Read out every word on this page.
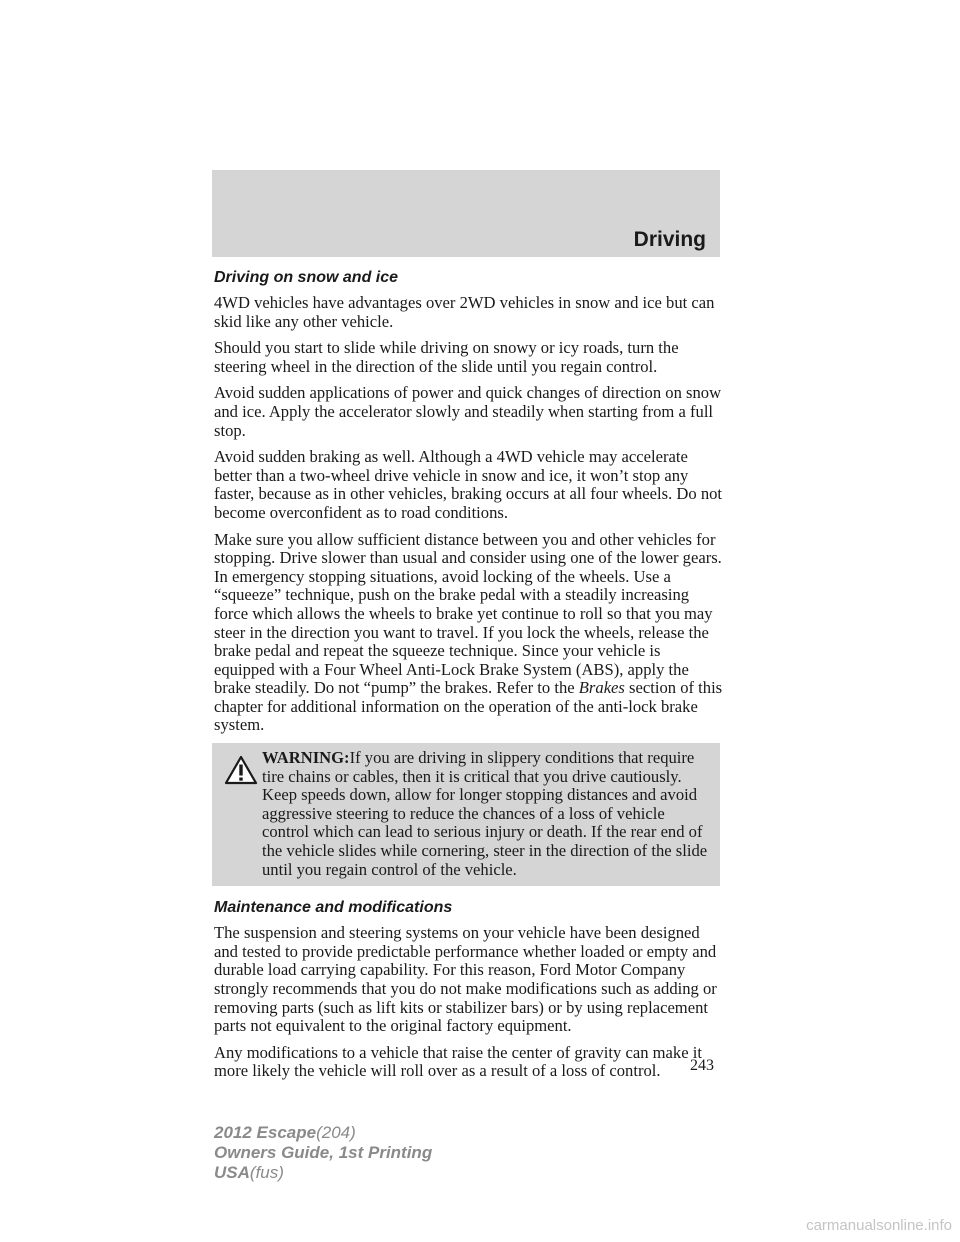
Driving
Driving on snow and ice

4WD vehicles have advantages over 2WD vehicles in snow and ice but can skid like any other vehicle.

Should you start to slide while driving on snowy or icy roads, turn the steering wheel in the direction of the slide until you regain control.

Avoid sudden applications of power and quick changes of direction on snow and ice. Apply the accelerator slowly and steadily when starting from a full stop.

Avoid sudden braking as well. Although a 4WD vehicle may accelerate better than a two-wheel drive vehicle in snow and ice, it won’t stop any faster, because as in other vehicles, braking occurs at all four wheels. Do not become overconfident as to road conditions.

Make sure you allow sufficient distance between you and other vehicles for stopping. Drive slower than usual and consider using one of the lower gears. In emergency stopping situations, avoid locking of the wheels. Use a “squeeze” technique, push on the brake pedal with a steadily increasing force which allows the wheels to brake yet continue to roll so that you may steer in the direction you want to travel. If you lock the wheels, release the brake pedal and repeat the squeeze technique. Since your vehicle is equipped with a Four Wheel Anti-Lock Brake System (ABS), apply the brake steadily. Do not “pump” the brakes. Refer to the Brakes section of this chapter for additional information on the operation of the anti-lock brake system.

WARNING:If you are driving in slippery conditions that require tire chains or cables, then it is critical that you drive cautiously. Keep speeds down, allow for longer stopping distances and avoid aggressive steering to reduce the chances of a loss of vehicle control which can lead to serious injury or death. If the rear end of the vehicle slides while cornering, steer in the direction of the slide until you regain control of the vehicle.
Maintenance and modifications

The suspension and steering systems on your vehicle have been designed and tested to provide predictable performance whether loaded or empty and durable load carrying capability. For this reason, Ford Motor Company strongly recommends that you do not make modifications such as adding or removing parts (such as lift kits or stabilizer bars) or by using replacement parts not equivalent to the original factory equipment.

Any modifications to a vehicle that raise the center of gravity can make it more likely the vehicle will roll over as a result of a loss of control.	243
2012 Escape(204)
Owners Guide, 1st Printing
USA(fus)
carmanualsonline.info
